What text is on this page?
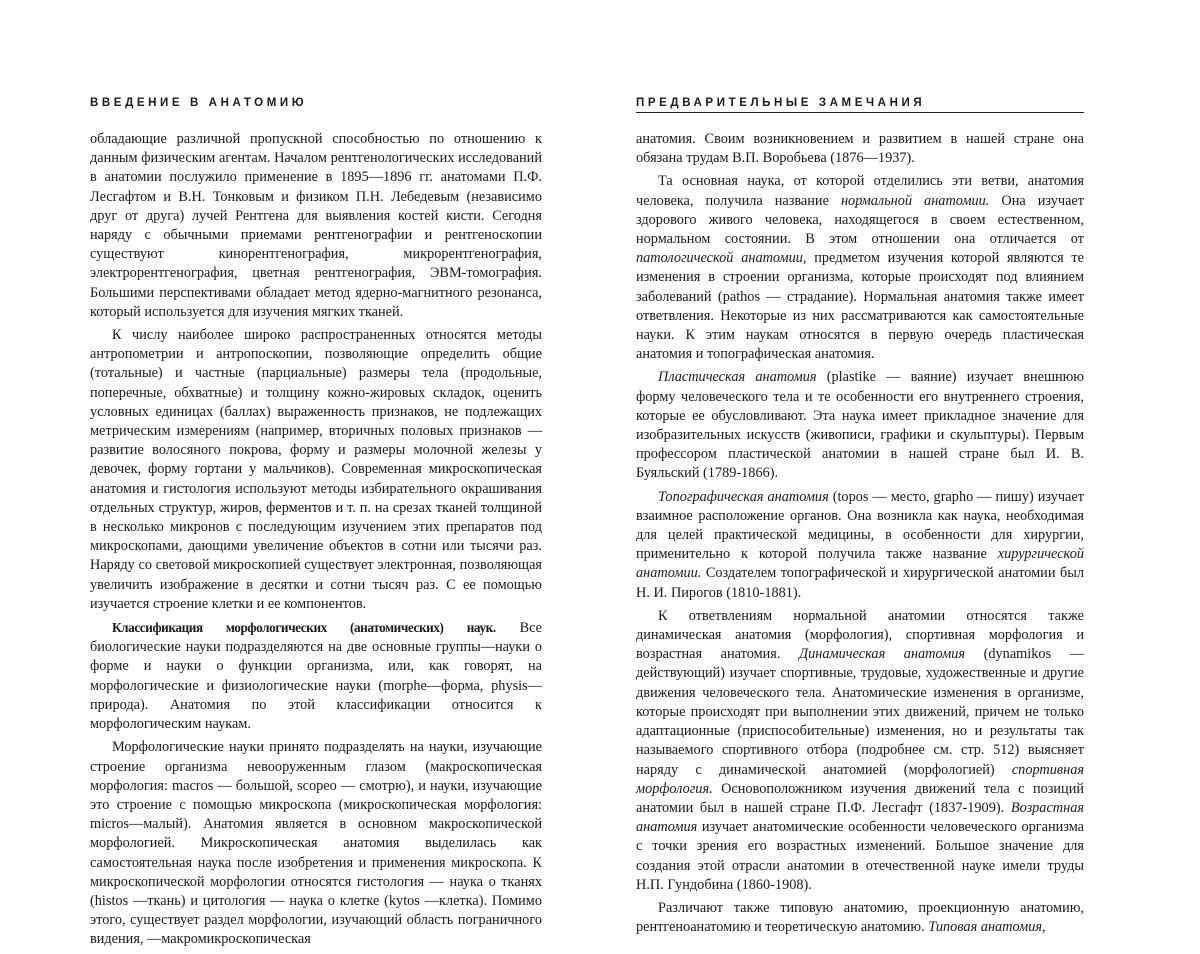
ВВЕДЕНИЕ В АНАТОМИЮ

обладающие различной пропускной способностью по отношению к данным физическим агентам. Началом рентгенологических исследований в анатомии послужило применение в 1895—1896 гг. анатомами П.Ф. Лесгафтом и В.Н. Тонковым и физиком П.Н. Лебедевым (независимо друг от друга) лучей Рентгена для выявления костей кисти. Сегодня наряду с обычными приемами рентгенографии и рентгеноскопии существуют кинорентгенография, микрорентгенография, электрорентгенография, цветная рентгенография, ЭВМ-томография. Большими перспективами обладает метод ядерно-магнитного резонанса, который используется для изучения мягких тканей.

К числу наиболее широко распространенных относятся методы антропометрии и антропоскопии, позволяющие определить общие (тотальные) и частные (парциальные) размеры тела (продольные, поперечные, обхватные) и толщину кожно-жировых складок, оценить условных единицах (баллах) выраженность признаков, не подлежащих метрическим измерениям (например, вторичных половых признаков — развитие волосяного покрова, форму и размеры молочной железы у девочек, форму гортани у мальчиков). Современная микроскопическая анатомия и гистология используют методы избирательного окрашивания отдельных структур, жиров, ферментов и т. п. на срезах тканей толщиной в несколько микронов с последующим изучением этих препаратов под микроскопами, дающими увеличение объектов в сотни или тысячи раз. Наряду со световой микроскопией существует электронная, позволяющая увеличить изображение в десятки и сотни тысяч раз. С ее помощью изучается строение клетки и ее компонентов.

Классификация морфологических (анатомических) наук. Все биологические науки подразделяются на две основные группы—науки о форме и науки о функции организма, или, как говорят, на морфологические и физиологические науки (morphe—форма, physis—природа). Анатомия по этой классификации относится к морфологическим наукам.

Морфологические науки принято подразделять на науки, изучающие строение организма невооруженным глазом (макроскопическая морфология: macros — большой, scopeo — смотрю), и науки, изучающие это строение с помощью микроскопа (микроскопическая морфология: micros—малый). Анатомия является в основном макроскопической морфологией. Микроскопическая анатомия выделилась как самостоятельная наука после изобретения и применения микроскопа. К микроскопической морфологии относятся гистология — наука о тканях (histos —ткань) и цитология — наука о клетке (kytos —клетка). Помимо этого, существует раздел морфологии, изучающий область пограничного видения, —макромикроскопическая

ПРЕДВАРИТЕЛЬНЫЕ ЗАМЕЧАНИЯ

анатомия. Своим возникновением и развитием в нашей стране она обязана трудам В.П. Воробьева (1876—1937).

Та основная наука, от которой отделились эти ветви, анатомия человека, получила название нормальной анатомии. Она изучает здорового живого человека, находящегося в своем естественном, нормальном состоянии. В этом отношении она отличается от патологической анатомии, предметом изучения которой являются те изменения в строении организма, которые происходят под влиянием заболеваний (pathos — страдание). Нормальная анатомия также имеет ответвления. Некоторые из них рассматриваются как самостоятельные науки. К этим наукам относятся в первую очередь пластическая анатомия и топографическая анатомия.

Пластическая анатомия (plastike — ваяние) изучает внешнюю форму человеческого тела и те особенности его внутреннего строения, которые ее обусловливают. Эта наука имеет прикладное значение для изобразительных искусств (живописи, графики и скульптуры). Первым профессором пластической анатомии в нашей стране был И. В. Буяльский (1789-1866).

Топографическая анатомия (topos — место, grapho — пишу) изучает взаимное расположение органов. Она возникла как наука, необходимая для целей практической медицины, в особенности для хирургии, применительно к которой получила также название хирургической анатомии. Создателем топографической и хирургической анатомии был Н. И. Пирогов (1810-1881).

К ответвлениям нормальной анатомии относятся также динамическая анатомия (морфология), спортивная морфология и возрастная анатомия. Динамическая анатомия (dynamikos —действующий) изучает спортивные, трудовые, художественные и другие движения человеческого тела. Анатомические изменения в организме, которые происходят при выполнении этих движений, причем не только адаптационные (приспособительные) изменения, но и результаты так называемого спортивного отбора (подробнее см. стр. 512) выясняет наряду с динамической анатомией (морфологией) спортивная морфология. Основоположником изучения движений тела с позиций анатомии был в нашей стране П.Ф. Лесгафт (1837-1909). Возрастная анатомия изучает анатомические особенности человеческого организма с точки зрения его возрастных изменений. Большое значение для создания этой отрасли анатомии в отечественной науке имели труды Н.П. Гундобина (1860-1908).

Различают также типовую анатомию, проекционную анатомию, рентгеноанатомию и теоретическую анатомию. Типовая анатомия,
